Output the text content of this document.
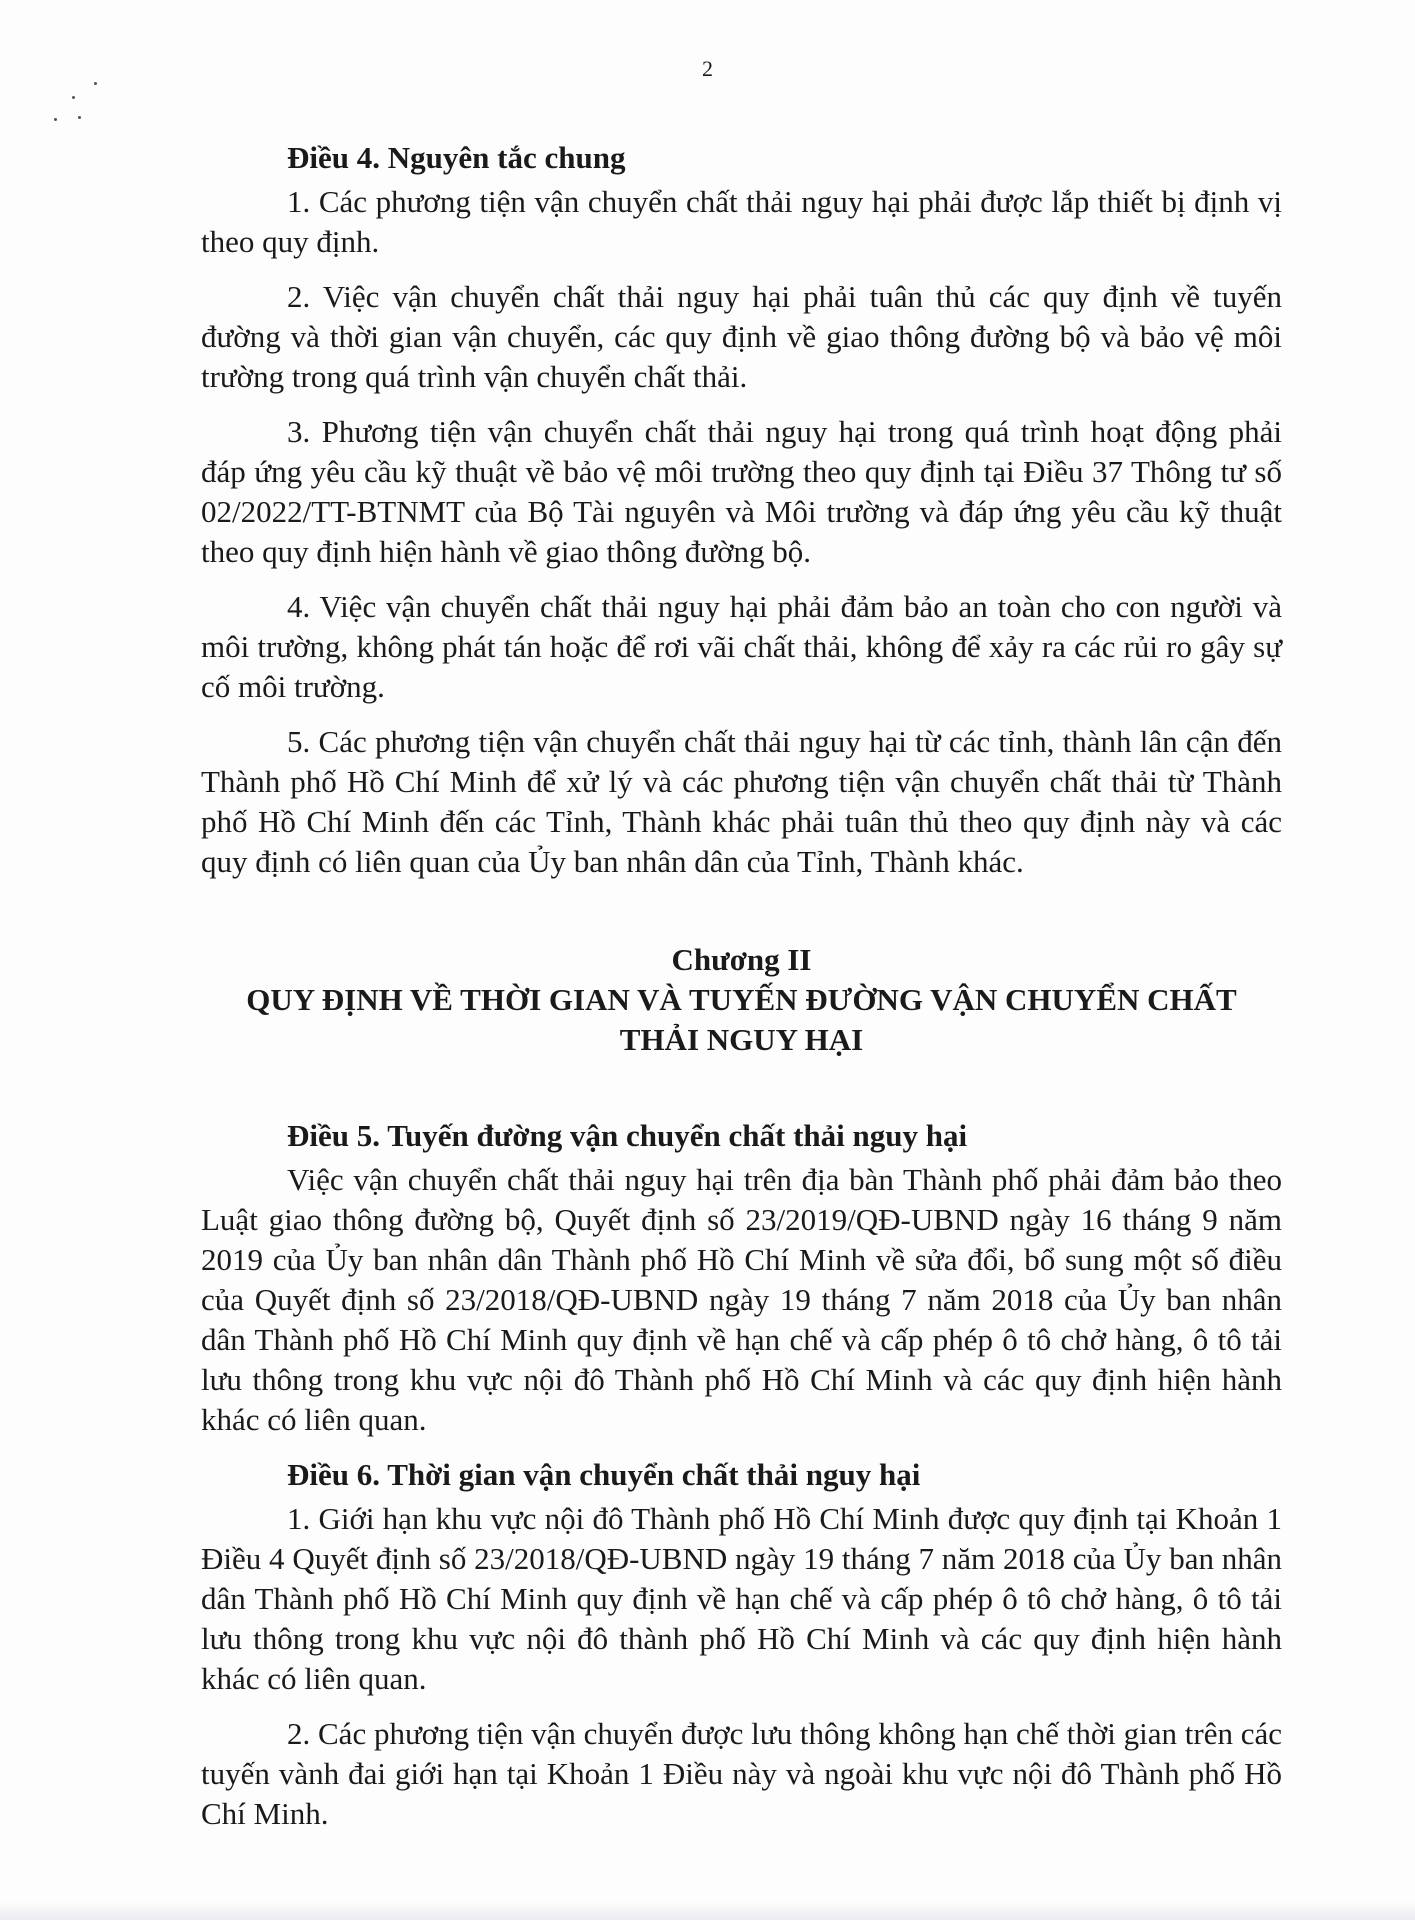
2

Điều 4. Nguyên tắc chung

1. Các phương tiện vận chuyển chất thải nguy hại phải được lắp thiết bị định vị theo quy định.

2. Việc vận chuyển chất thải nguy hại phải tuân thủ các quy định về tuyến đường và thời gian vận chuyển, các quy định về giao thông đường bộ và bảo vệ môi trường trong quá trình vận chuyển chất thải.

3. Phương tiện vận chuyển chất thải nguy hại trong quá trình hoạt động phải đáp ứng yêu cầu kỹ thuật về bảo vệ môi trường theo quy định tại Điều 37 Thông tư số 02/2022/TT-BTNMT của Bộ Tài nguyên và Môi trường và đáp ứng yêu cầu kỹ thuật theo quy định hiện hành về giao thông đường bộ.

4. Việc vận chuyển chất thải nguy hại phải đảm bảo an toàn cho con người và môi trường, không phát tán hoặc để rơi vãi chất thải, không để xảy ra các rủi ro gây sự cố môi trường.

5. Các phương tiện vận chuyển chất thải nguy hại từ các tỉnh, thành lân cận đến Thành phố Hồ Chí Minh để xử lý và các phương tiện vận chuyển chất thải từ Thành phố Hồ Chí Minh đến các Tỉnh, Thành khác phải tuân thủ theo quy định này và các quy định có liên quan của Ủy ban nhân dân của Tỉnh, Thành khác.

Chương II

QUY ĐỊNH VỀ THỜI GIAN VÀ TUYẾN ĐƯỜNG VẬN CHUYỂN CHẤT THẢI NGUY HẠI

Điều 5. Tuyến đường vận chuyển chất thải nguy hại

Việc vận chuyển chất thải nguy hại trên địa bàn Thành phố phải đảm bảo theo Luật giao thông đường bộ, Quyết định số 23/2019/QĐ-UBND ngày 16 tháng 9 năm 2019 của Ủy ban nhân dân Thành phố Hồ Chí Minh về sửa đổi, bổ sung một số điều của Quyết định số 23/2018/QĐ-UBND ngày 19 tháng 7 năm 2018 của Ủy ban nhân dân Thành phố Hồ Chí Minh quy định về hạn chế và cấp phép ô tô chở hàng, ô tô tải lưu thông trong khu vực nội đô Thành phố Hồ Chí Minh và các quy định hiện hành khác có liên quan.

Điều 6. Thời gian vận chuyển chất thải nguy hại

1. Giới hạn khu vực nội đô Thành phố Hồ Chí Minh được quy định tại Khoản 1 Điều 4 Quyết định số 23/2018/QĐ-UBND ngày 19 tháng 7 năm 2018 của Ủy ban nhân dân Thành phố Hồ Chí Minh quy định về hạn chế và cấp phép ô tô chở hàng, ô tô tải lưu thông trong khu vực nội đô thành phố Hồ Chí Minh và các quy định hiện hành khác có liên quan.

2. Các phương tiện vận chuyển được lưu thông không hạn chế thời gian trên các tuyến vành đai giới hạn tại Khoản 1 Điều này và ngoài khu vực nội đô Thành phố Hồ Chí Minh.
